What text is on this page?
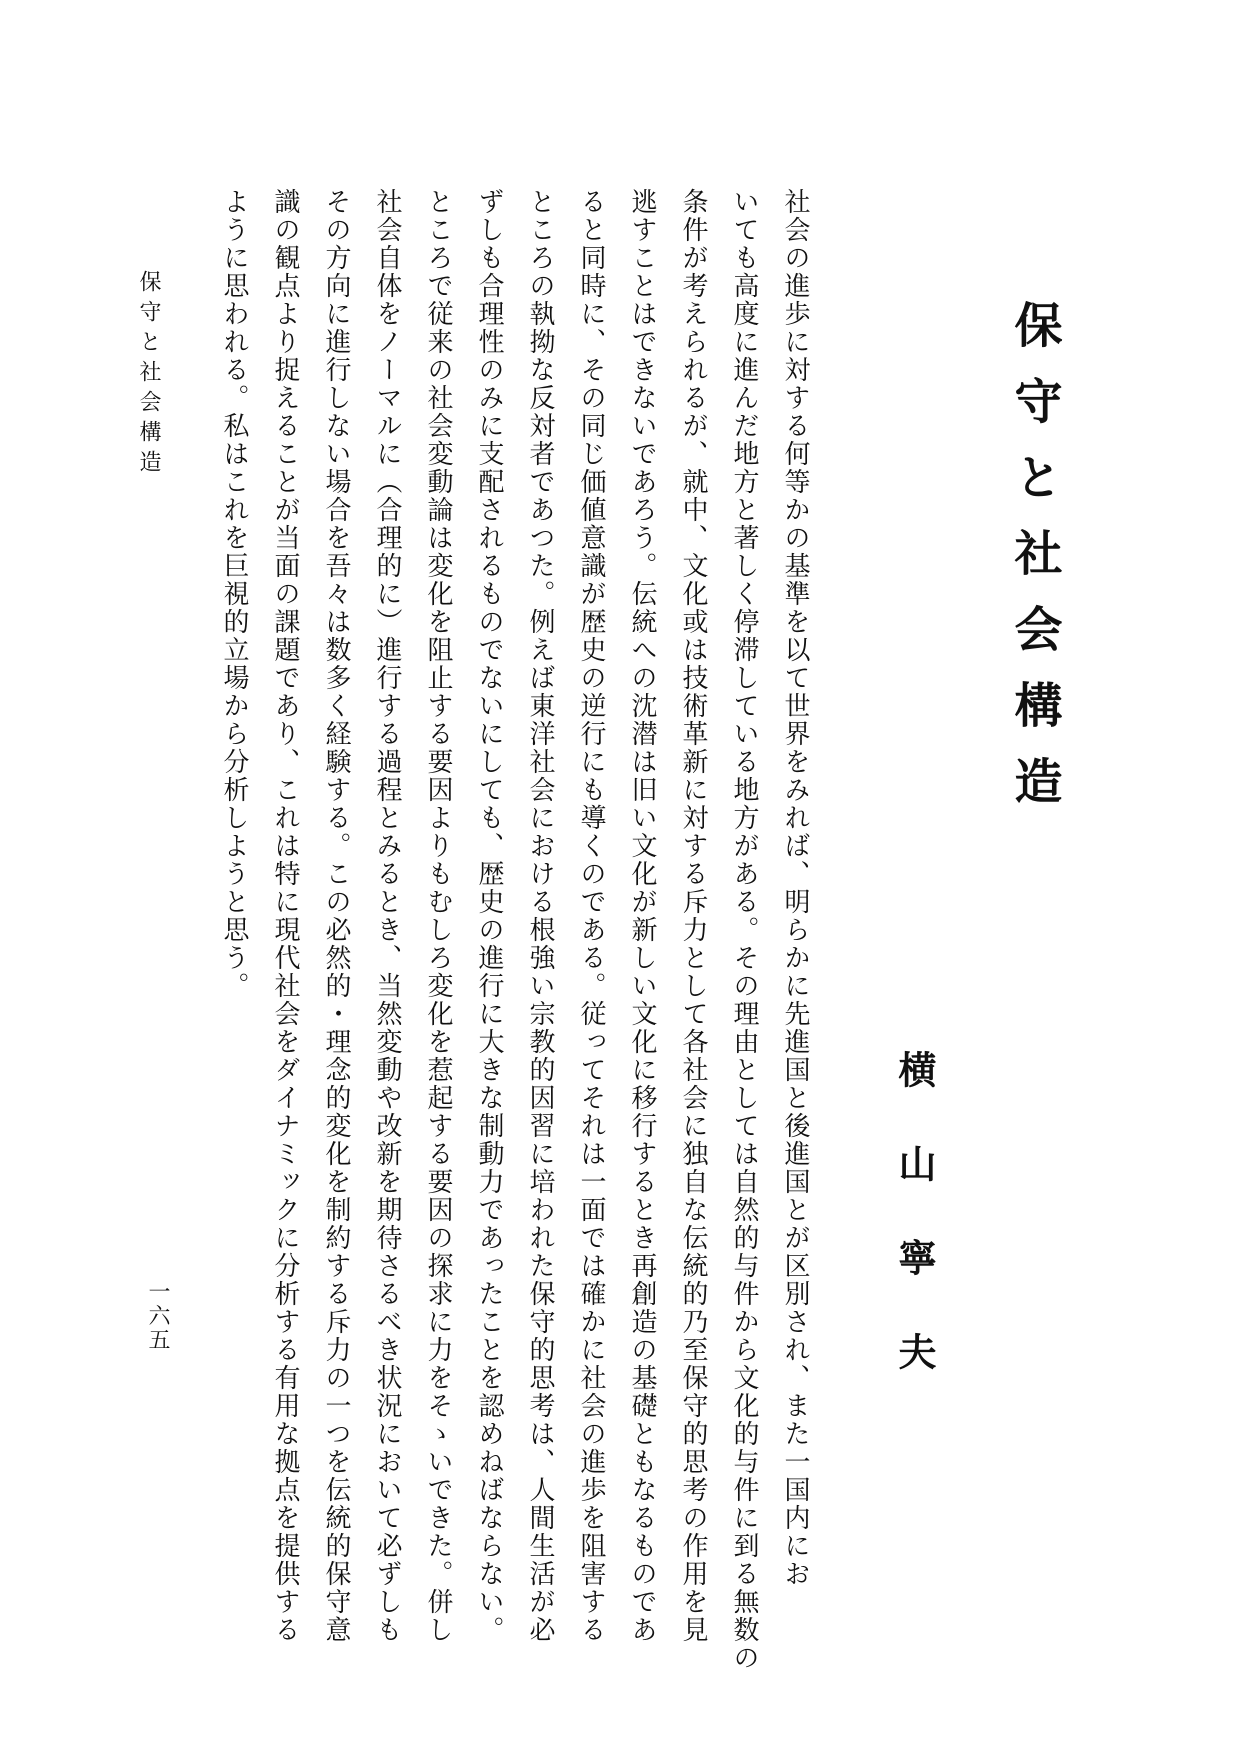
保守と社会構造
横山寧夫
社会の進歩に対する何等かの基準を以て世界をみれば、明らかに先進国と後進国とが区別され、また一国内にお
いても高度に進んだ地方と著しく停滞している地方がある。その理由としては自然的与件から文化的与件に到る無数の
条件が考えられるが、就中、文化或は技術革新に対する斥力として各社会に独自な伝統的乃至保守的思考の作用を見
逃すことはできないであろう。伝統への沈潜は旧い文化が新しい文化に移行するとき再創造の基礎ともなるものであ
ると同時に、その同じ価値意識が歴史の逆行にも導くのである。従ってそれは一面では確かに社会の進歩を阻害する
ところの執拗な反対者であつた。例えば東洋社会における根強い宗教的因習に培われた保守的思考は、人間生活が必
ずしも合理性のみに支配されるものでないにしても、歴史の進行に大きな制動力であったことを認めねばならない。
ところで従来の社会変動論は変化を阻止する要因よりもむしろ変化を惹起する要因の探求に力をそゝいできた。併し
社会自体をノーマルに（合理的に）進行する過程とみるとき、当然変動や改新を期待さるべき状況において必ずしも
その方向に進行しない場合を吾々は数多く経験する。この必然的・理念的変化を制約する斥力の一つを伝統的保守意
識の観点より捉えることが当面の課題であり、これは特に現代社会をダイナミックに分析する有用な拠点を提供する
ように思われる。私はこれを巨視的立場から分析しようと思う。
保守と社会構造
一六五
